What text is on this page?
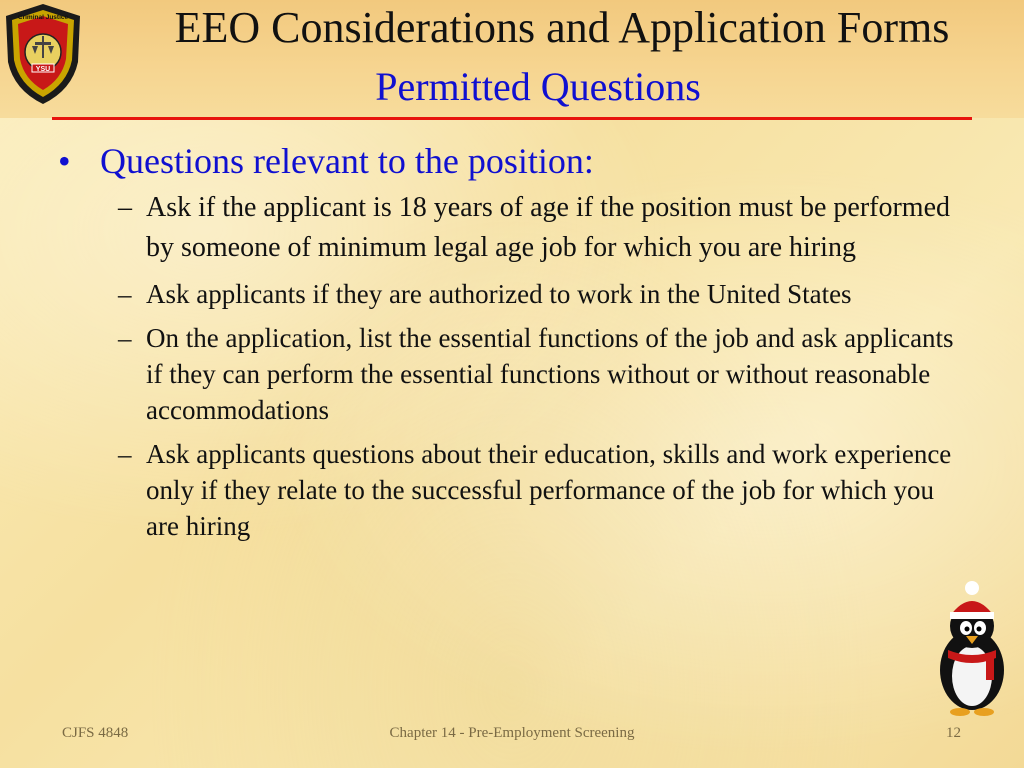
YSU
Criminal Justice	EEO Considerations and Application Forms
Permitted Questions
• Questions relevant to the position:
– Ask if the applicant is 18 years of age if the position must be performed by someone of minimum legal age job for which you are hiring
– Ask applicants if they are authorized to work in the United States
– On the application, list the essential functions of the job and ask applicants if they can perform the essential functions without or without reasonable accommodations
– Ask applicants questions about their education, skills and work experience only if they relate to the successful performance of the job for which you are hiring
CJFS 4848	Chapter 14 - Pre-Employment Screening	12
